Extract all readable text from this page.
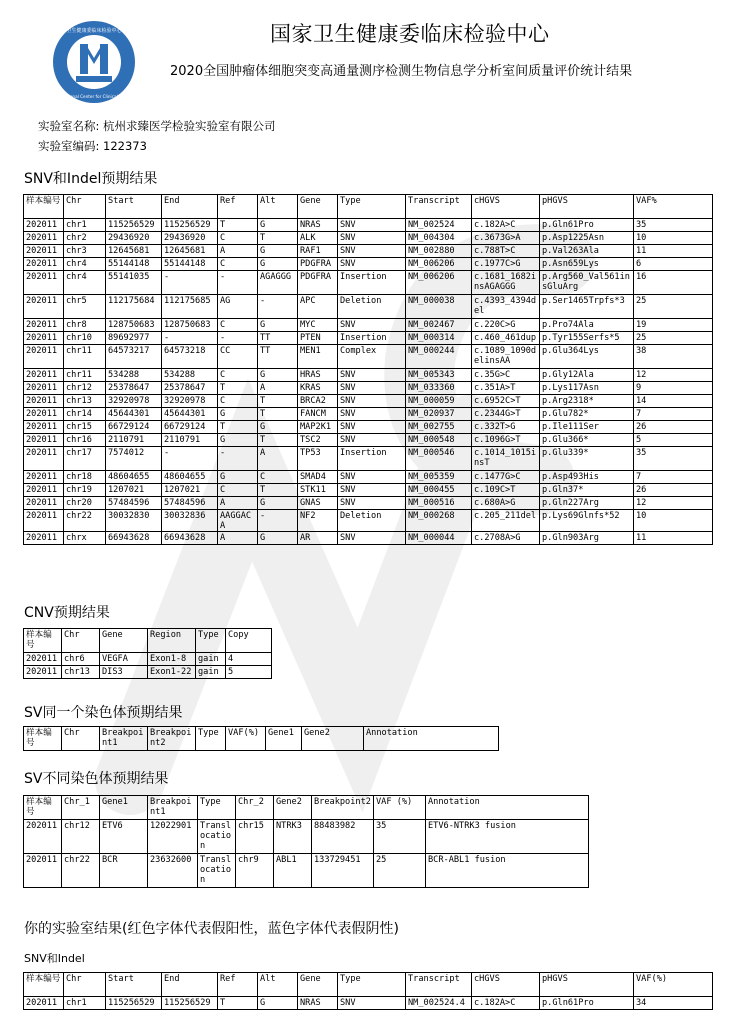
卫生健康委临床检验中心
National Center for Clinical Lab
国家卫生健康委临床检验中心
2020全国肿瘤体细胞突变高通量测序检测生物信息学分析室间质量评价统计结果
实验室名称: 杭州求臻医学检验实验室有限公司
实验室编码: 122373
SNV和Indel预期结果
样本编号	Chr	Start	End	Ref	Alt	Gene	Type	Transcript	cHGVS	pHGVS	VAF%
202011	chr1	115256529	115256529	T	G	NRAS	SNV	NM_002524	c.182A>C	p.Gln61Pro	35
202011	chr2	29436920	29436920	C	T	ALK	SNV	NM_004304	c.3673G>A	p.Asp1225Asn	10
202011	chr3	12645681	12645681	A	G	RAF1	SNV	NM_002880	c.788T>C	p.Val263Ala	11
202011	chr4	55144148	55144148	C	G	PDGFRA	SNV	NM_006206	c.1977C>G	p.Asn659Lys	6
202011	chr4	55141035	-	-	AGAGGG	PDGFRA	Insertion	NM_006206	c.1681_1682insAGAGGG	p.Arg560_Val561insGluArg	16
202011	chr5	112175684	112175685	AG	-	APC	Deletion	NM_000038	c.4393_4394del	p.Ser1465Trpfs*3	25
202011	chr8	128750683	128750683	C	G	MYC	SNV	NM_002467	c.220C>G	p.Pro74Ala	19
202011	chr10	89692977	-	-	TT	PTEN	Insertion	NM_000314	c.460_461dup	p.Tyr155Serfs*5	25
202011	chr11	64573217	64573218	CC	TT	MEN1	Complex	NM_000244	c.1089_1090delinsAA	p.Glu364Lys	38
202011	chr11	534288	534288	C	G	HRAS	SNV	NM_005343	c.35G>C	p.Gly12Ala	12
202011	chr12	25378647	25378647	T	A	KRAS	SNV	NM_033360	c.351A>T	p.Lys117Asn	9
202011	chr13	32920978	32920978	C	T	BRCA2	SNV	NM_000059	c.6952C>T	p.Arg2318*	14
202011	chr14	45644301	45644301	G	T	FANCM	SNV	NM_020937	c.2344G>T	p.Glu782*	7
202011	chr15	66729124	66729124	T	G	MAP2K1	SNV	NM_002755	c.332T>G	p.Ile111Ser	26
202011	chr16	2110791	2110791	G	T	TSC2	SNV	NM_000548	c.1096G>T	p.Glu366*	5
202011	chr17	7574012	-	-	A	TP53	Insertion	NM_000546	c.1014_1015insT	p.Glu339*	35
202011	chr18	48604655	48604655	G	C	SMAD4	SNV	NM_005359	c.1477G>C	p.Asp493His	7
202011	chr19	1207021	1207021	C	T	STK11	SNV	NM_000455	c.109C>T	p.Gln37*	26
202011	chr20	57484596	57484596	A	G	GNAS	SNV	NM_000516	c.680A>G	p.Gln227Arg	12
202011	chr22	30032830	30032836	AAGGACA	-	NF2	Deletion	NM_000268	c.205_211del	p.Lys69Glnfs*52	10
202011	chrx	66943628	66943628	A	G	AR	SNV	NM_000044	c.2708A>G	p.Gln903Arg	11
CNV预期结果
样本编号	Chr	Gene	Region	Type	Copy
202011	chr6	VEGFA	Exon1-8	gain	4
202011	chr13	DIS3	Exon1-22	gain	5
SV同一个染色体预期结果
样本编号	Chr	Breakpoint1	Breakpoint2	Type	VAF(%)	Gene1	Gene2	Annotation
SV不同染色体预期结果
样本编号	Chr_1	Gene1	Breakpoint1	Type	Chr_2	Gene2	Breakpoint2	VAF (%)	Annotation
202011	chr12	ETV6	12022901	Translocation	chr15	NTRK3	88483982	35	ETV6-NTRK3 fusion
202011	chr22	BCR	23632600	Translocation	chr9	ABL1	133729451	25	BCR-ABL1 fusion
你的实验室结果(红色字体代表假阳性，蓝色字体代表假阴性)
SNV和Indel
样本编号	Chr	Start	End	Ref	Alt	Gene	Type	Transcript	cHGVS	pHGVS	VAF(%)
202011	chr1	115256529	115256529	T	G	NRAS	SNV	NM_002524.4	c.182A>C	p.Gln61Pro	34
